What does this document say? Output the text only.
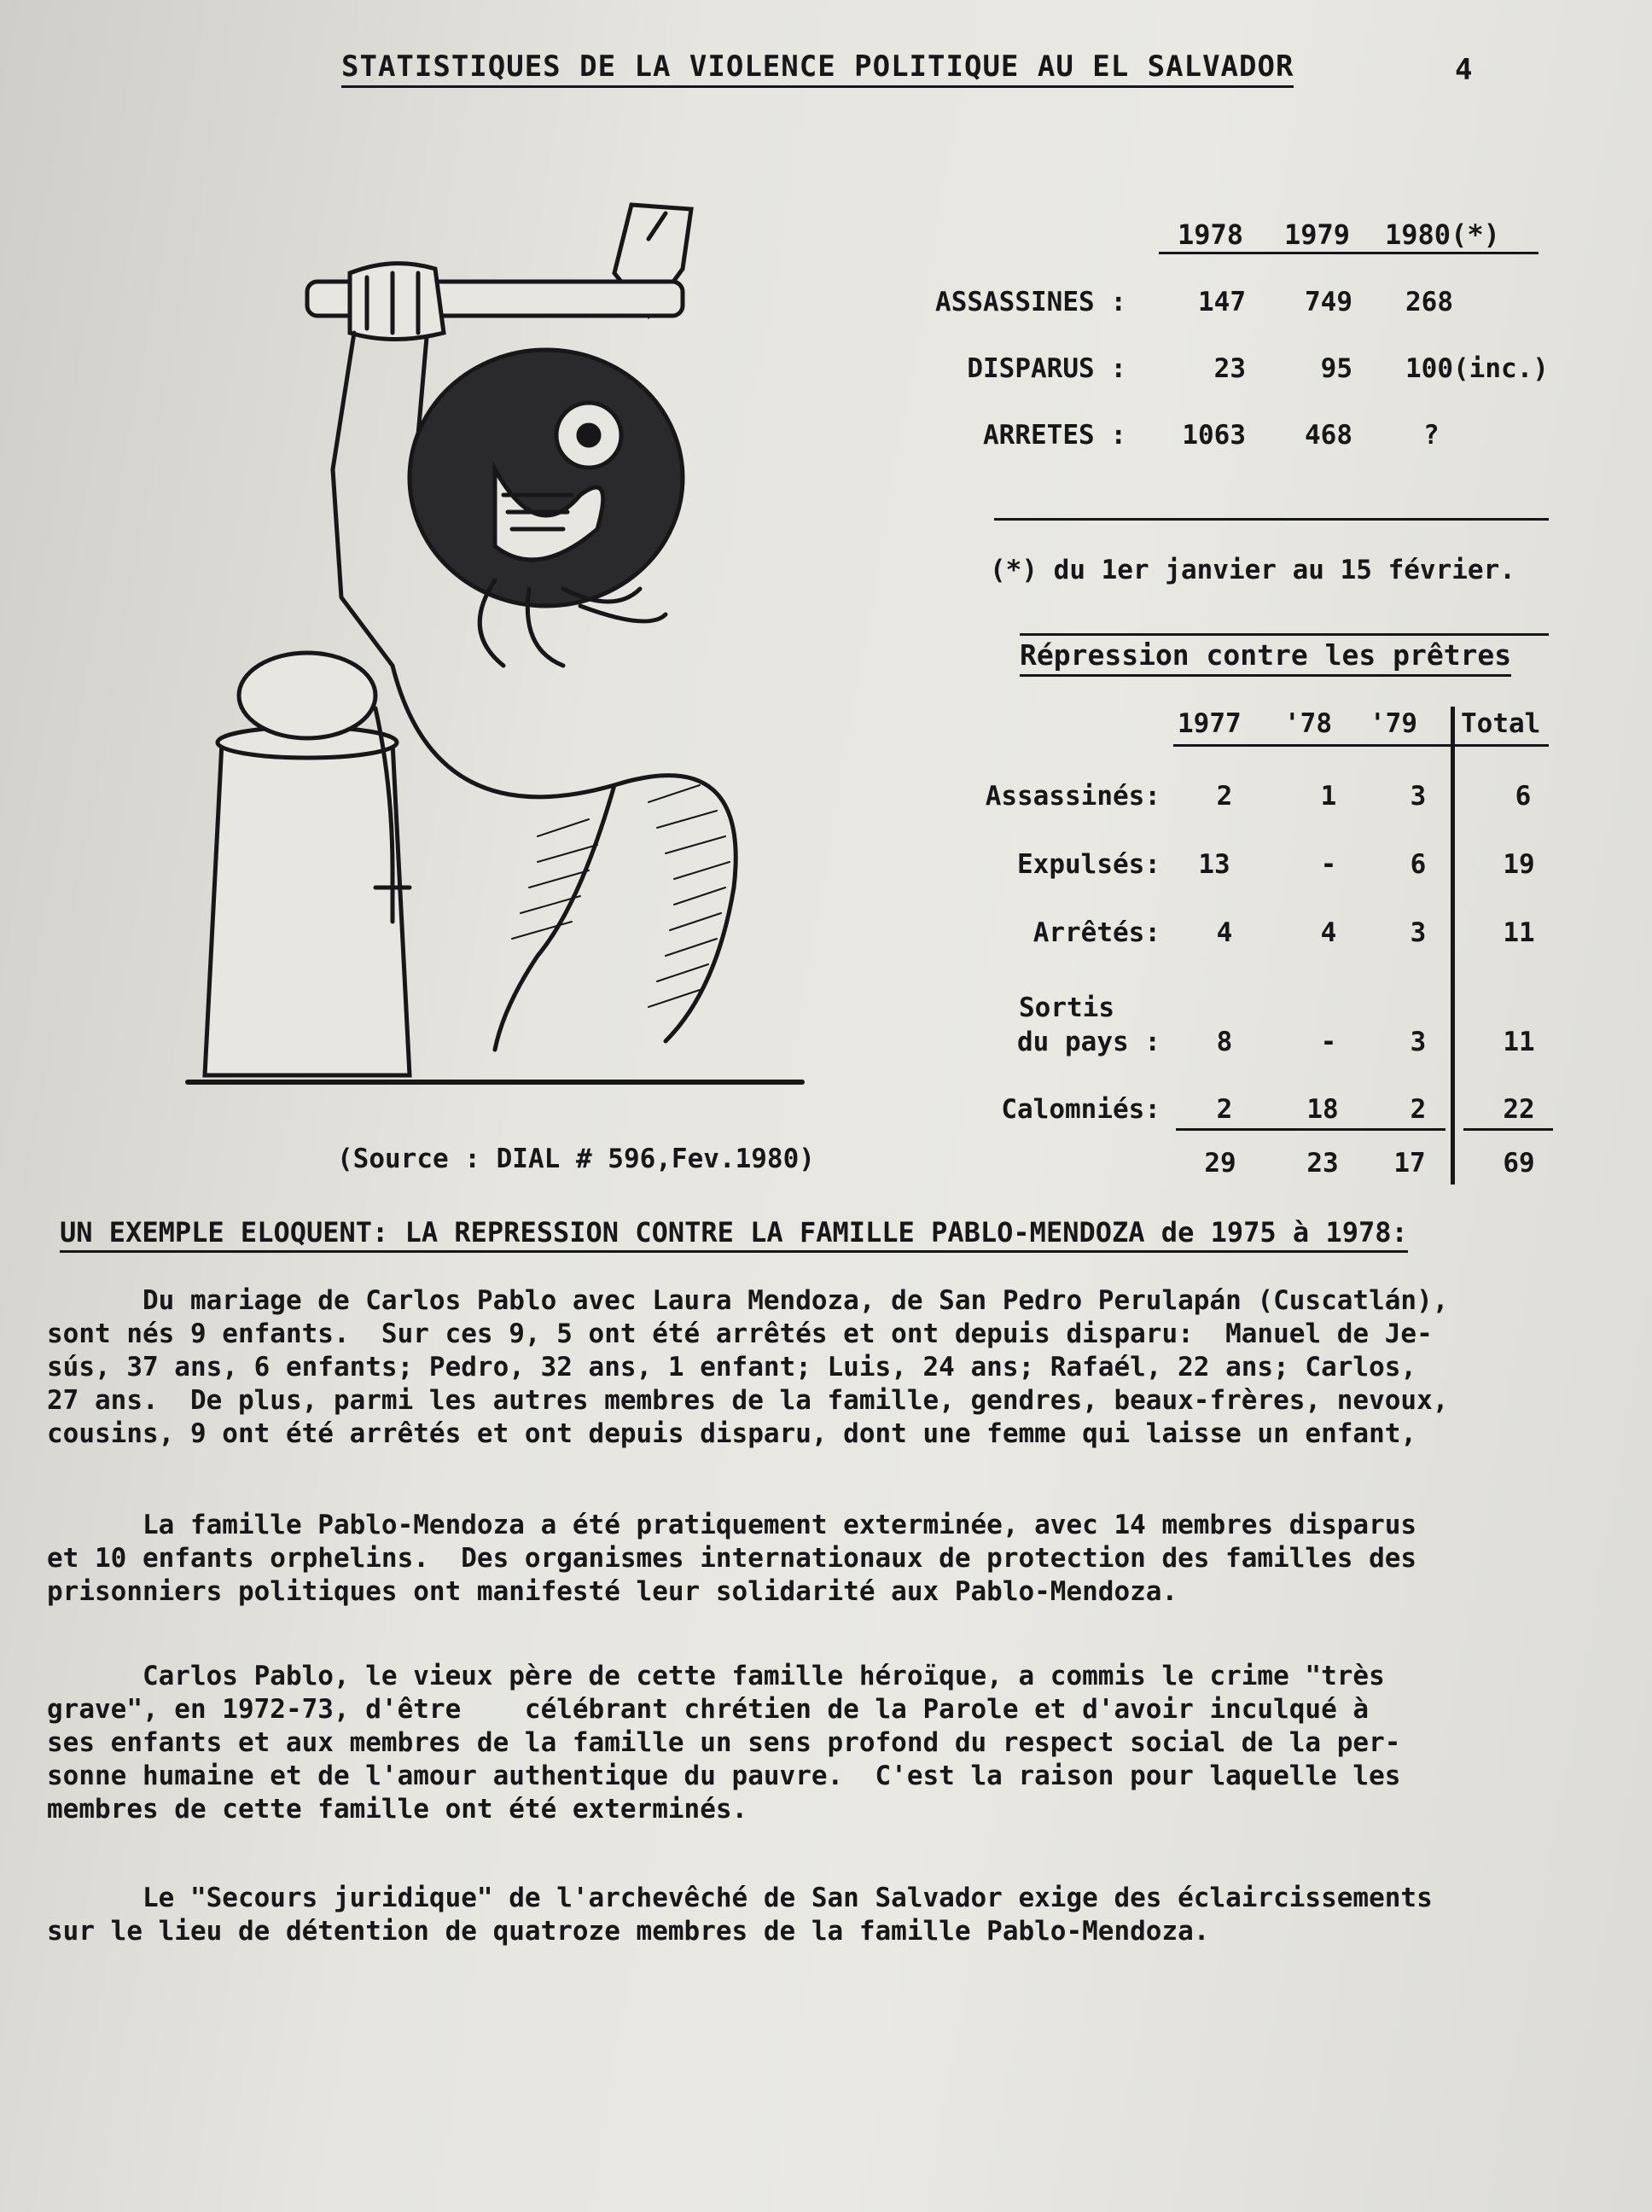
STATISTIQUES DE LA VIOLENCE POLITIQUE AU EL SALVADOR	4
1978 1979 1980(*)
ASSASSINES :	147	749 268
DISPARUS :	23	95 100(inc.)
ARRETES :	1063	468	?
(*) du 1er janvier au 15 février.
Répression contre les prêtres
1977 '78 '79 Total
Assassinés:	2	1	3	6
Expulsés:	13	-	6	19
Arrêtés:	4	4	3	11
Sortis
du pays :	8	-	3	11
Calomniés:	2	18	2	22
29	23	17	69
(Source : DIAL # 596,Fev.1980)
UN EXEMPLE ELOQUENT: LA REPRESSION CONTRE LA FAMILLE PABLO-MENDOZA de 1975 à 1978:

Du mariage de Carlos Pablo avec Laura Mendoza, de San Pedro Perulapán (Cuscatlán),

sont nés 9 enfants.  Sur ces 9, 5 ont été arrêtés et ont depuis disparu:  Manuel de Je-

sús, 37 ans, 6 enfants; Pedro, 32 ans, 1 enfant; Luis, 24 ans; Rafaél, 22 ans; Carlos,

27 ans.  De plus, parmi les autres membres de la famille, gendres, beaux-frères, nevoux,

cousins, 9 ont été arrêtés et ont depuis disparu, dont une femme qui laisse un enfant,

La famille Pablo-Mendoza a été pratiquement exterminée, avec 14 membres disparus

et 10 enfants orphelins.  Des organismes internationaux de protection des familles des

prisonniers politiques ont manifesté leur solidarité aux Pablo-Mendoza.

Carlos Pablo, le vieux père de cette famille héroïque, a commis le crime "très

grave", en 1972-73, d'être    célébrant chrétien de la Parole et d'avoir inculqué à

ses enfants et aux membres de la famille un sens profond du respect social de la per-

sonne humaine et de l'amour authentique du pauvre.  C'est la raison pour laquelle les

membres de cette famille ont été exterminés.

Le "Secours juridique" de l'archevêché de San Salvador exige des éclaircissements

sur le lieu de détention de quatroze membres de la famille Pablo-Mendoza.
